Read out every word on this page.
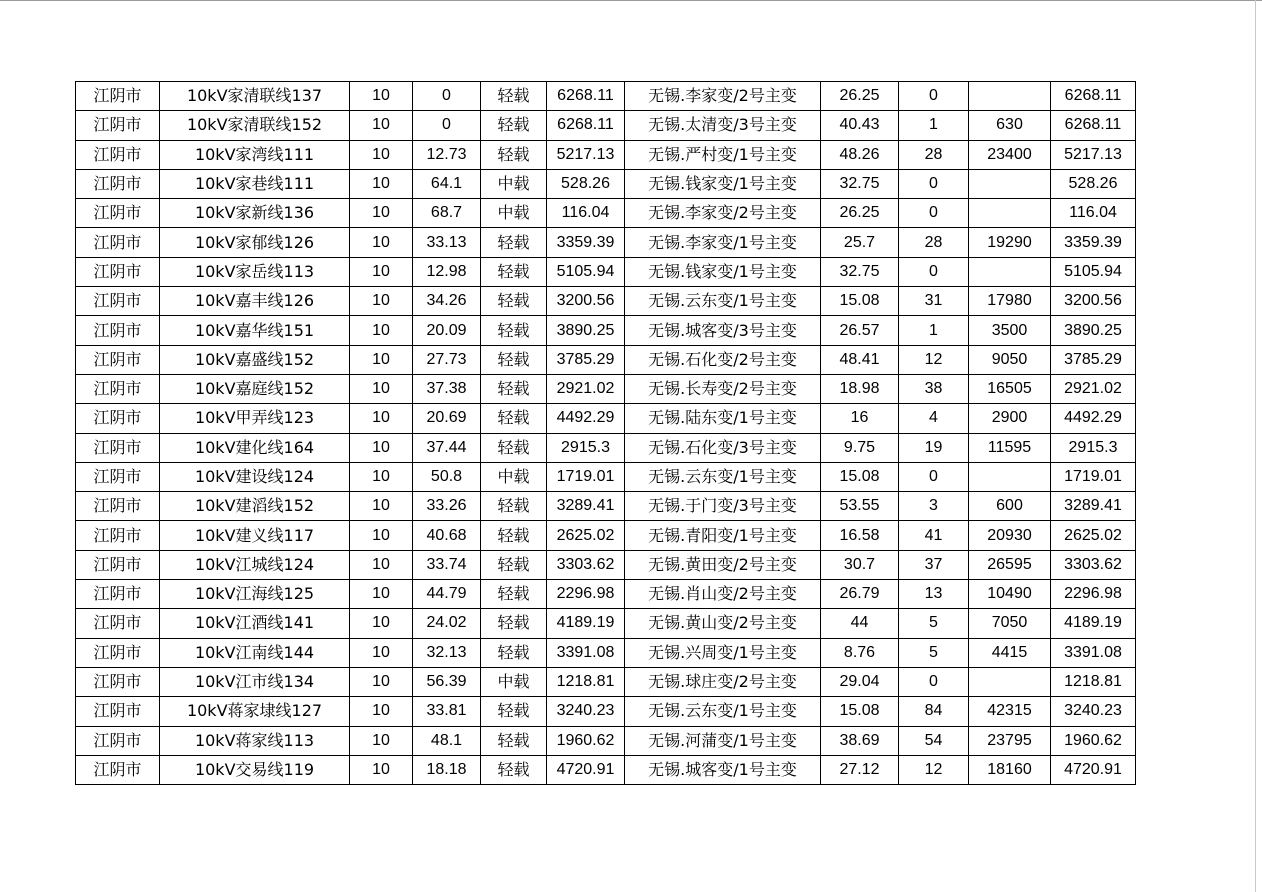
江阴市	10kV家清联线137	10	0	轻载	6268.11	无锡.李家变/2号主变	26.25	0		6268.11
江阴市	10kV家清联线152	10	0	轻载	6268.11	无锡.太清变/3号主变	40.43	1	630	6268.11
江阴市	10kV家湾线111	10	12.73	轻载	5217.13	无锡.严村变/1号主变	48.26	28	23400	5217.13
江阴市	10kV家巷线111	10	64.1	中载	528.26	无锡.钱家变/1号主变	32.75	0		528.26
江阴市	10kV家新线136	10	68.7	中载	116.04	无锡.李家变/2号主变	26.25	0		116.04
江阴市	10kV家郁线126	10	33.13	轻载	3359.39	无锡.李家变/1号主变	25.7	28	19290	3359.39
江阴市	10kV家岳线113	10	12.98	轻载	5105.94	无锡.钱家变/1号主变	32.75	0		5105.94
江阴市	10kV嘉丰线126	10	34.26	轻载	3200.56	无锡.云东变/1号主变	15.08	31	17980	3200.56
江阴市	10kV嘉华线151	10	20.09	轻载	3890.25	无锡.城客变/3号主变	26.57	1	3500	3890.25
江阴市	10kV嘉盛线152	10	27.73	轻载	3785.29	无锡.石化变/2号主变	48.41	12	9050	3785.29
江阴市	10kV嘉庭线152	10	37.38	轻载	2921.02	无锡.长寿变/2号主变	18.98	38	16505	2921.02
江阴市	10kV甲弄线123	10	20.69	轻载	4492.29	无锡.陆东变/1号主变	16	4	2900	4492.29
江阴市	10kV建化线164	10	37.44	轻载	2915.3	无锡.石化变/3号主变	9.75	19	11595	2915.3
江阴市	10kV建设线124	10	50.8	中载	1719.01	无锡.云东变/1号主变	15.08	0		1719.01
江阴市	10kV建滔线152	10	33.26	轻载	3289.41	无锡.于门变/3号主变	53.55	3	600	3289.41
江阴市	10kV建义线117	10	40.68	轻载	2625.02	无锡.青阳变/1号主变	16.58	41	20930	2625.02
江阴市	10kV江城线124	10	33.74	轻载	3303.62	无锡.黄田变/2号主变	30.7	37	26595	3303.62
江阴市	10kV江海线125	10	44.79	轻载	2296.98	无锡.肖山变/2号主变	26.79	13	10490	2296.98
江阴市	10kV江酒线141	10	24.02	轻载	4189.19	无锡.黄山变/2号主变	44	5	7050	4189.19
江阴市	10kV江南线144	10	32.13	轻载	3391.08	无锡.兴周变/1号主变	8.76	5	4415	3391.08
江阴市	10kV江市线134	10	56.39	中载	1218.81	无锡.球庄变/2号主变	29.04	0		1218.81
江阴市	10kV蒋家埭线127	10	33.81	轻载	3240.23	无锡.云东变/1号主变	15.08	84	42315	3240.23
江阴市	10kV蒋家线113	10	48.1	轻载	1960.62	无锡.河蒲变/1号主变	38.69	54	23795	1960.62
江阴市	10kV交易线119	10	18.18	轻载	4720.91	无锡.城客变/1号主变	27.12	12	18160	4720.91
